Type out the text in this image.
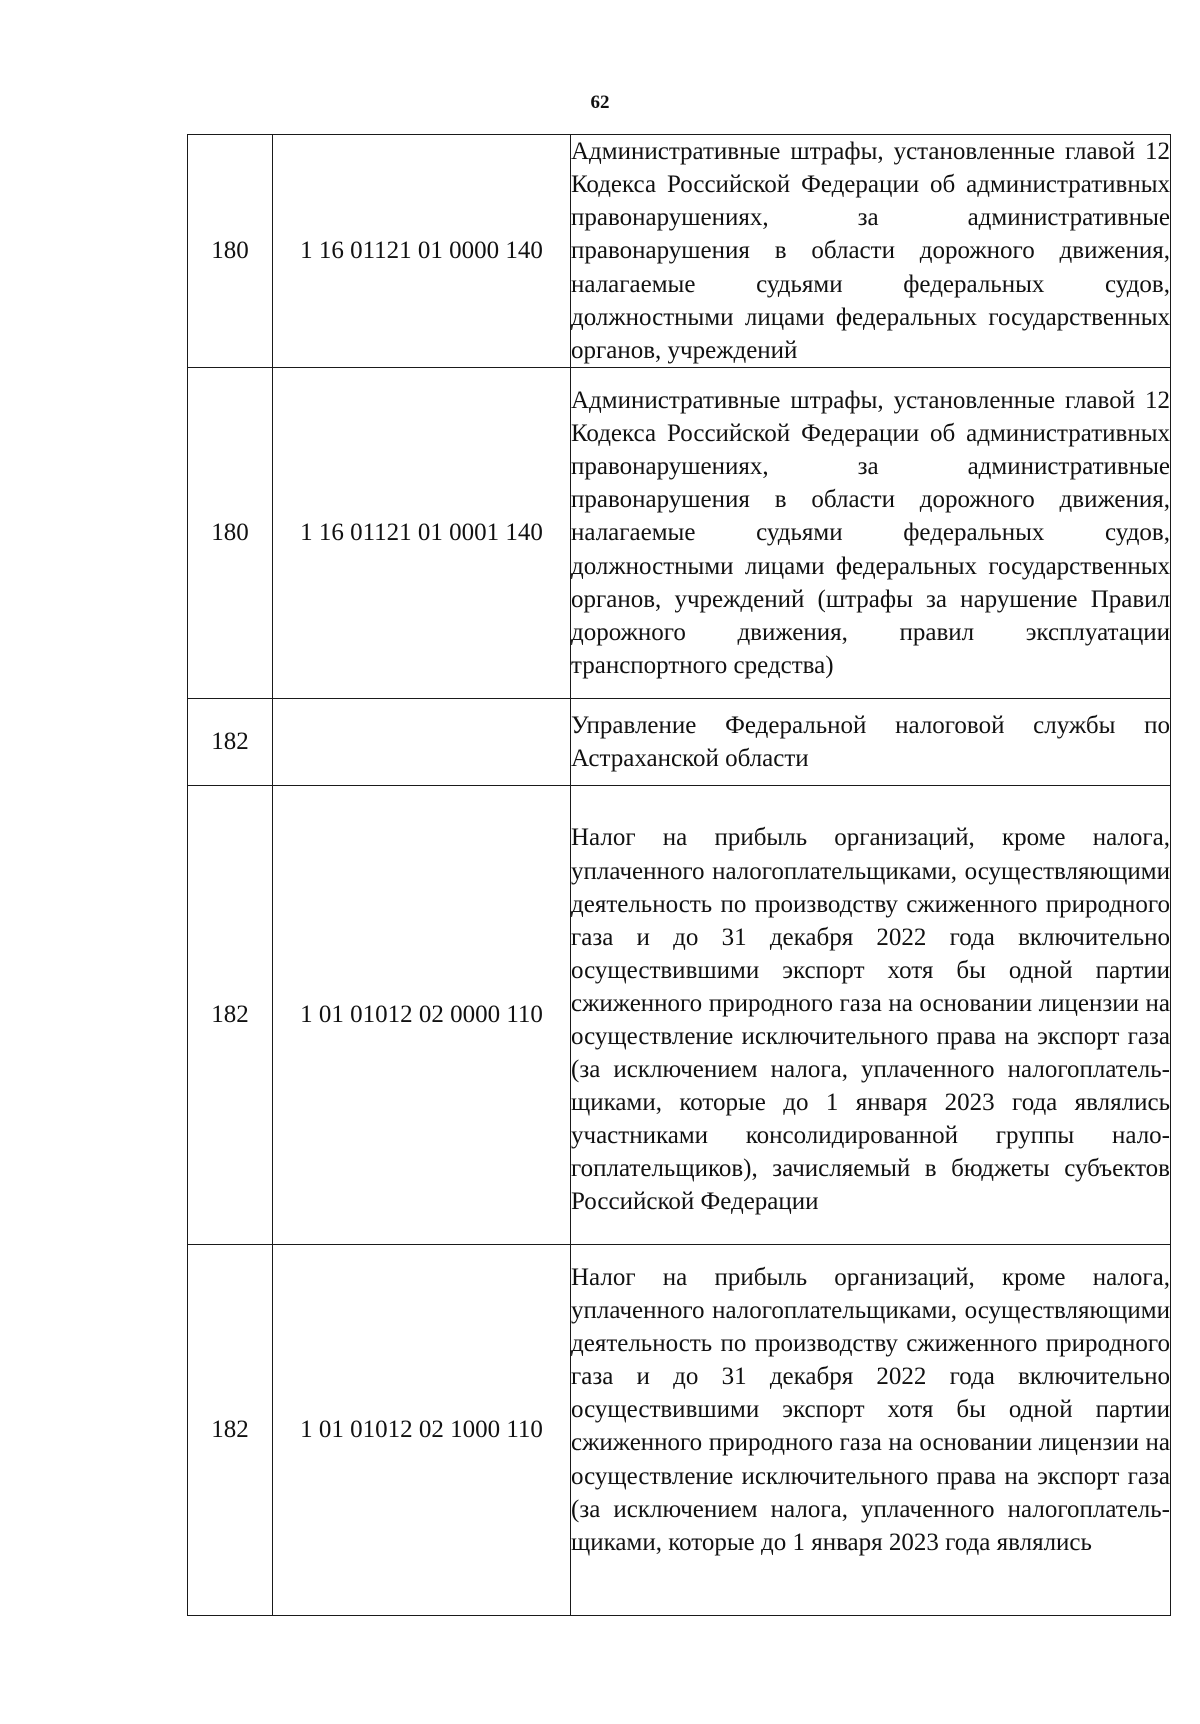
62
180	1 16 01121 01 0000 140	Административные штрафы, установленные главой 12 Кодекса Российской Федерации об административных правонарушениях, за административные правонарушения в области дорожного движения, налагаемые судьями федеральных судов, должностными лицами федеральных государственных органов, учреждений
180	1 16 01121 01 0001 140	Административные штрафы, установленные главой 12 Кодекса Российской Федерации об административных правонарушениях, за административные правонарушения в области дорожного движения, налагаемые судьями федеральных судов, должностными лицами федеральных государственных органов, учреждений (штрафы за нарушение Правил дорожного движения, правил эксплуатации транспортного средства)
182		Управление Федеральной налоговой службы по Астраханской области
182	1 01 01012 02 0000 110	Налог на прибыль организаций, кроме налога, уплаченного налогоплательщиками, осуществляющими деятельность по производству сжиженного природного газа и до 31 декабря 2022 года включительно осуществившими экспорт хотя бы одной партии сжиженного природного газа на основании лицензии на осуществление исключительного права на экспорт газа (за исключением налога, уплаченного налогоплательщиками, которые до 1 января 2023 года являлись участниками консолидированной группы налогоплательщиков), зачисляемый в бюджеты субъектов Российской Федерации
182	1 01 01012 02 1000 110	Налог на прибыль организаций, кроме налога, уплаченного налогоплательщиками, осуществляющими деятельность по производству сжиженного природного газа и до 31 декабря 2022 года включительно осуществившими экспорт хотя бы одной партии сжиженного природного газа на основании лицензии на осуществление исключительного права на экспорт газа (за исключением налога, уплаченного налогоплательщиками, которые до 1 января 2023 года являлись
